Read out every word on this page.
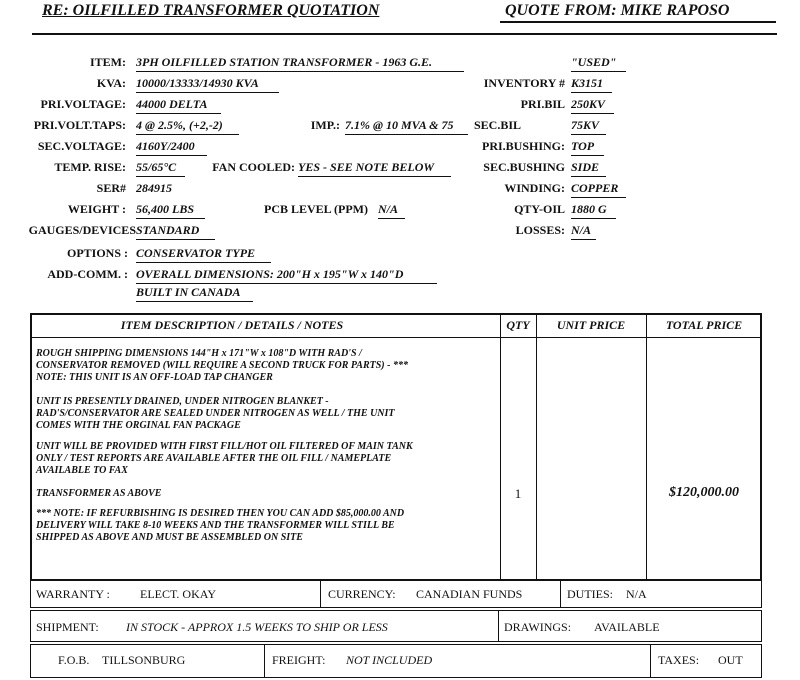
RE: OILFILLED TRANSFORMER QUOTATION	QUOTE FROM: MIKE RAPOSO
ITEM: 3PH OILFILLED STATION TRANSFORMER - 1963 G.E.	"USED"
KVA: 10000/13333/14930 KVA	INVENTORY # K3151
PRI.VOLTAGE: 44000 DELTA	PRI.BIL 250KV
PRI.VOLT.TAPS: 4 @ 2.5%, (+2,-2)	IMP.: 7.1% @ 10 MVA & 75	SEC.BIL	75KV
SEC.VOLTAGE: 4160Y/2400	PRI.BUSHING: TOP
TEMP. RISE: 55/65°C	FAN COOLED: YES - SEE NOTE BELOW	SEC.BUSHING SIDE
SER# 284915	WINDING: COPPER
WEIGHT : 56,400 LBS	PCB LEVEL (PPM) N/A	QTY-OIL 1880 G
GAUGES/DEVICES STANDARD	LOSSES: N/A
OPTIONS : CONSERVATOR TYPE
ADD-COMM. : OVERALL DIMENSIONS: 200"H x 195"W x 140"D
BUILT IN CANADA
ITEM DESCRIPTION / DETAILS / NOTES	QTY	UNIT PRICE	TOTAL PRICE
ROUGH SHIPPING DIMENSIONS 144"H x 171"W x 108"D WITH RAD'S /
CONSERVATOR REMOVED (WILL REQUIRE A SECOND TRUCK FOR PARTS) - ***
NOTE: THIS UNIT IS AN OFF-LOAD TAP CHANGER
UNIT IS PRESENTLY DRAINED, UNDER NITROGEN BLANKET -
RAD'S/CONSERVATOR ARE SEALED UNDER NITROGEN AS WELL / THE UNIT
COMES WITH THE ORGINAL FAN PACKAGE
UNIT WILL BE PROVIDED WITH FIRST FILL/HOT OIL FILTERED OF MAIN TANK
ONLY / TEST REPORTS ARE AVAILABLE AFTER THE OIL FILL / NAMEPLATE
AVAILABLE TO FAX
TRANSFORMER AS ABOVE
*** NOTE: IF REFURBISHING IS DESIRED THEN YOU CAN ADD $85,000.00 AND
DELIVERY WILL TAKE 8-10 WEEKS AND THE TRANSFORMER WILL STILL BE
SHIPPED AS ABOVE AND MUST BE ASSEMBLED ON SITE
1	$120,000.00
WARRANTY :	ELECT. OKAY	CURRENCY: CANADIAN FUNDS	DUTIES: N/A
SHIPMENT: IN STOCK - APPROX 1.5 WEEKS TO SHIP OR LESS	DRAWINGS: AVAILABLE
F.O.B. TILLSONBURG	FREIGHT: NOT INCLUDED	TAXES: OUT
